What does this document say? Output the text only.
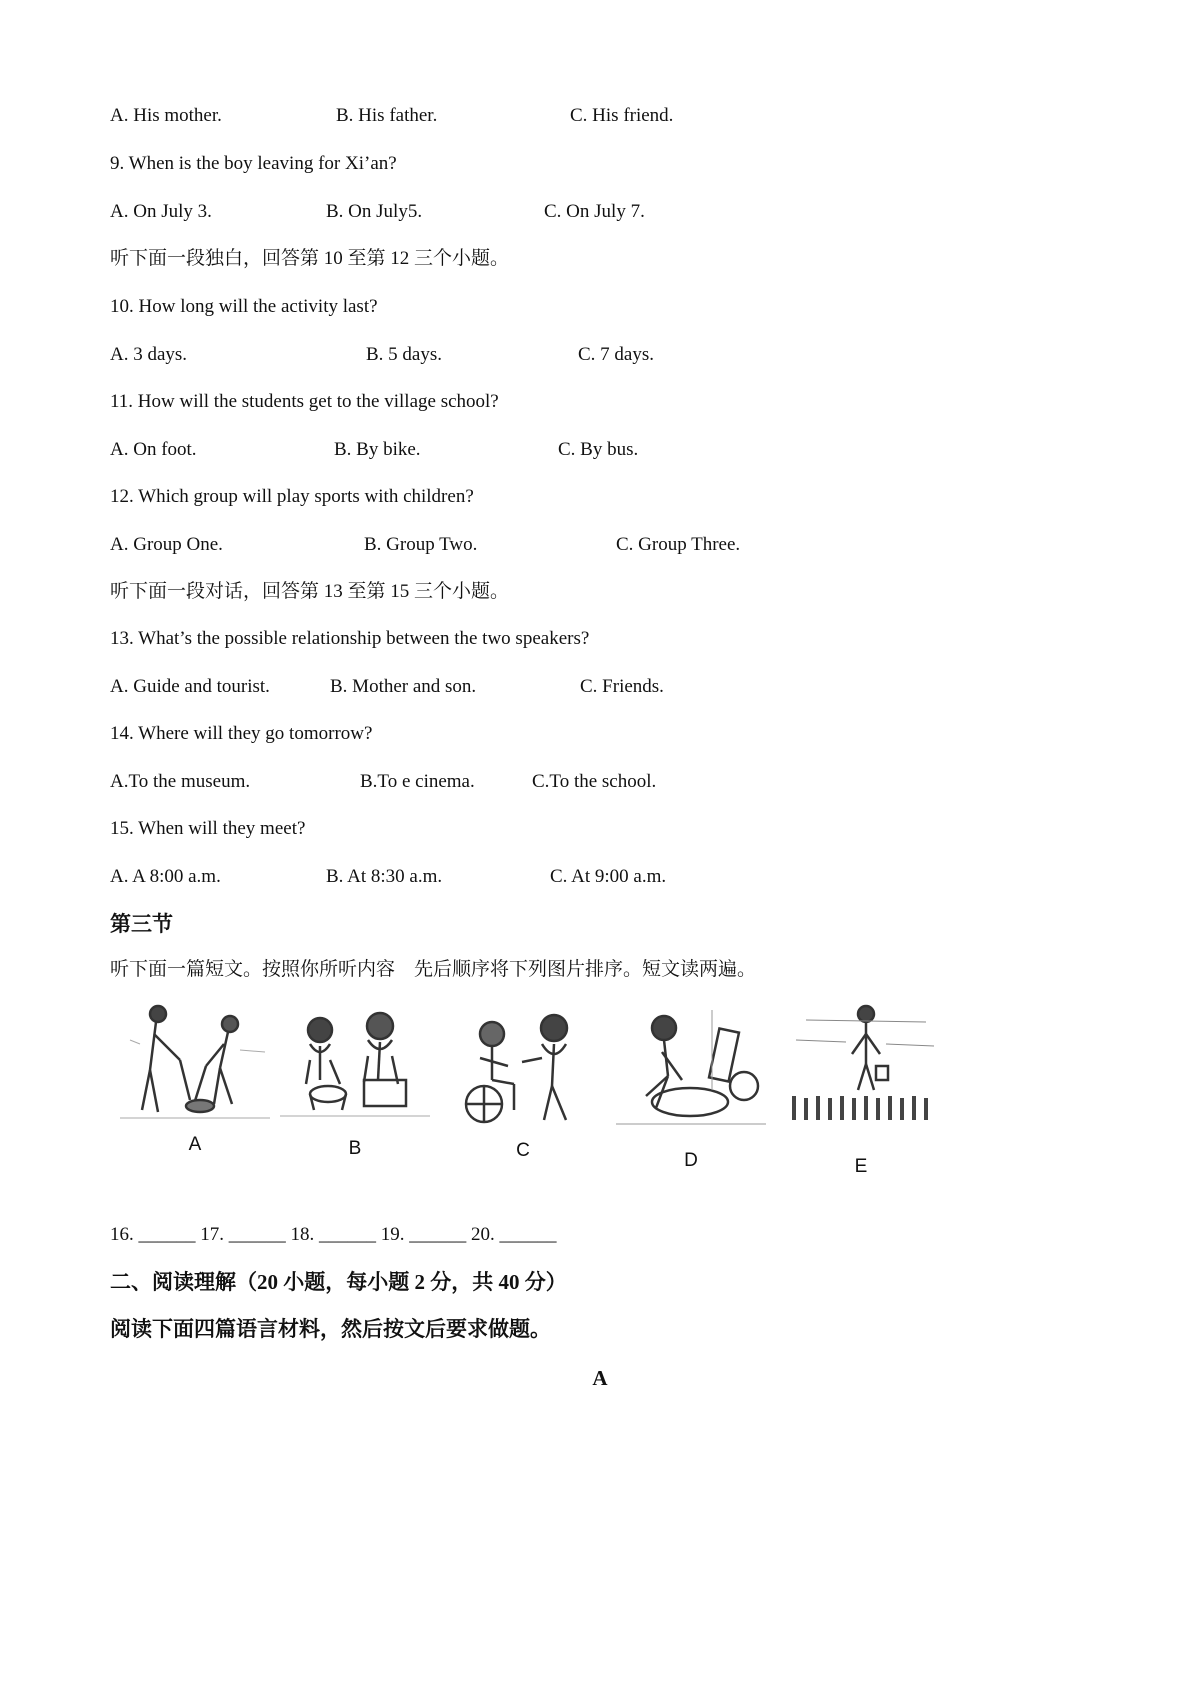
A. His mother.	B. His father.	C. His friend.
9. When is the boy leaving for Xi’an?
A. On July 3.	B. On July5.	C. On July 7.
听下面一段独白，回答第 10 至第 12 三个小题。
10. How long will the activity last?
A. 3 days.	B. 5 days.	C. 7 days.
11. How will the students get to the village school?
A. On foot.	B. By bike.	C. By bus.
12. Which group will play sports with children?
A. Group One.	B. Group Two.	C. Group Three.
听下面一段对话，回答第 13 至第 15 三个小题。
13. What’s the possible relationship between the two speakers?
A. Guide and tourist.	B. Mother and son.	C. Friends.
14. Where will they go tomorrow?
A.To the museum.	B.To e cinema.	C.To the school.
15. When will they meet?
A. A 8:00 a.m.	B. At 8:30 a.m.	C. At 9:00 a.m.
第三节
听下面一篇短文。按照你所听内容　先后顺序将下列图片排序。短文读两遍。
A	B	C	D	E
16. ______ 17. ______ 18. ______ 19. ______ 20. ______
二、阅读理解（20 小题，每小题 2 分，共 40 分）
阅读下面四篇语言材料，然后按文后要求做题。
A
